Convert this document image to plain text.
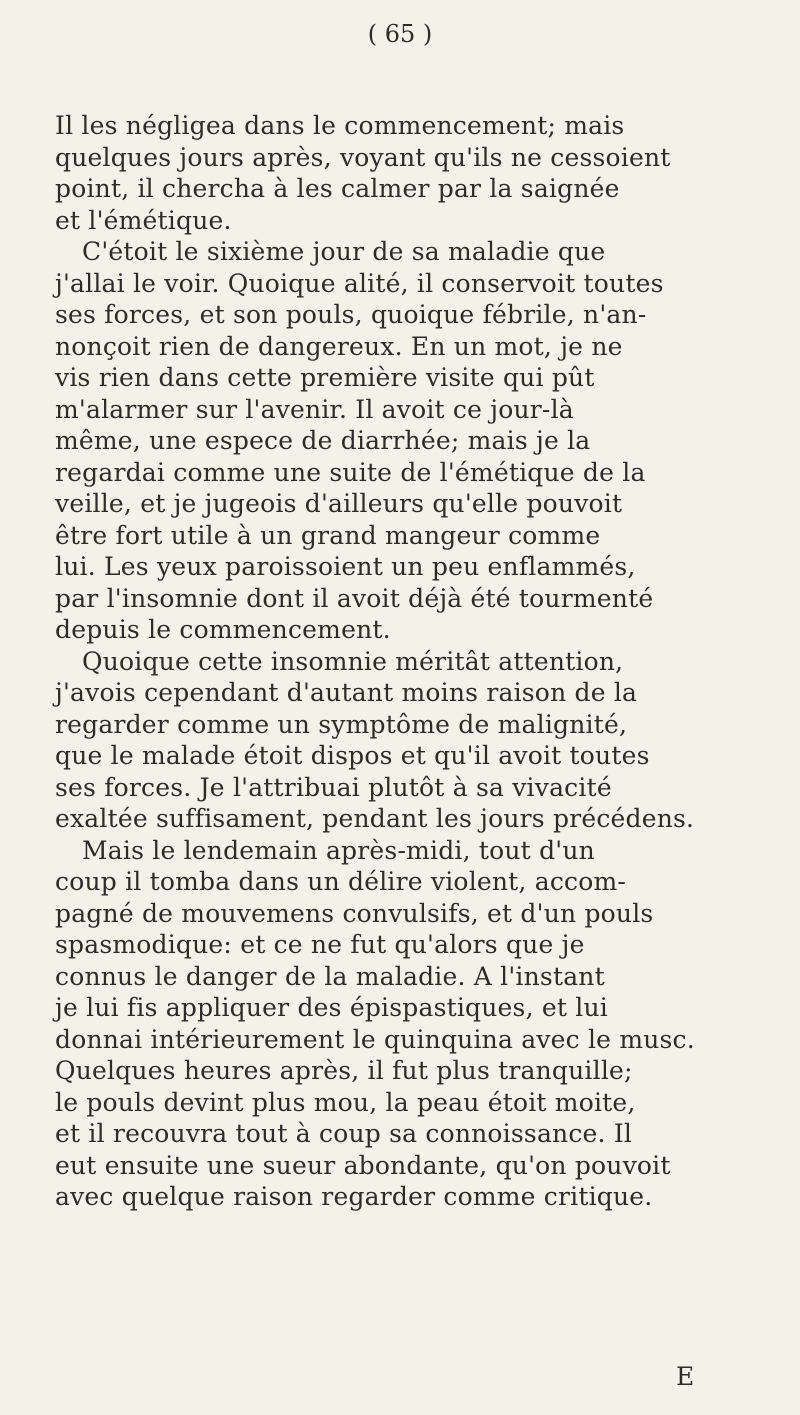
( 65 )
Il les négligea dans le commencement; mais
quelques jours après, voyant qu'ils ne cessoient
point, il chercha à les calmer par la saignée
et l'émétique.
C'étoit le sixième jour de sa maladie que
j'allai le voir. Quoique alité, il conservoit toutes
ses forces, et son pouls, quoique fébrile, n'an-
nonçoit rien de dangereux. En un mot, je ne
vis rien dans cette première visite qui pût
m'alarmer sur l'avenir. Il avoit ce jour-là
même, une espece de diarrhée; mais je la
regardai comme une suite de l'émétique de la
veille, et je jugeois d'ailleurs qu'elle pouvoit
être fort utile à un grand mangeur comme
lui. Les yeux paroissoient un peu enflammés,
par l'insomnie dont il avoit déjà été tourmenté
depuis le commencement.
Quoique cette insomnie méritât attention,
j'avois cependant d'autant moins raison de la
regarder comme un symptôme de malignité,
que le malade étoit dispos et qu'il avoit toutes
ses forces. Je l'attribuai plutôt à sa vivacité
exaltée suffisament, pendant les jours précédens.
Mais le lendemain après-midi, tout d'un
coup il tomba dans un délire violent, accom-
pagné de mouvemens convulsifs, et d'un pouls
spasmodique: et ce ne fut qu'alors que je
connus le danger de la maladie. A l'instant
je lui fis appliquer des épispastiques, et lui
donnai intérieurement le quinquina avec le musc.
Quelques heures après, il fut plus tranquille;
le pouls devint plus mou, la peau étoit moite,
et il recouvra tout à coup sa connoissance. Il
eut ensuite une sueur abondante, qu'on pouvoit
avec quelque raison regarder comme critique.
E
